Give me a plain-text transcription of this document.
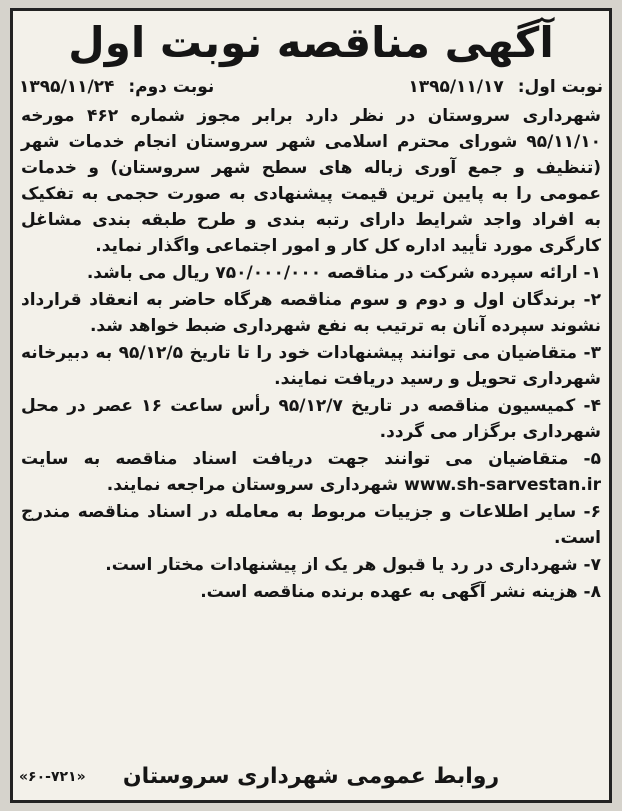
آگهی مناقصه نوبت اول
نوبت اول: ۱۳۹۵/۱۱/۱۷
نوبت دوم: ۱۳۹۵/۱۱/۲۴

شهرداری سروستان در نظر دارد برابر مجوز شماره ۴۶۲ مورخه ۹۵/۱۱/۱۰ شورای محترم اسلامی شهر سروستان انجام خدمات شهر (تنظیف و جمع آوری زباله های سطح شهر سروستان) و خدمات عمومی را به پایین ترین قیمت پیشنهادی به صورت حجمی به تفکیک به افراد واجد شرایط دارای رتبه بندی و طرح طبقه بندی مشاغل کارگری مورد تأیید اداره کل کار و امور اجتماعی واگذار نماید.

۱- ارائه سپرده شرکت در مناقصه ۷۵۰/۰۰۰/۰۰۰ ریال می باشد.

۲- برندگان اول و دوم و سوم مناقصه هرگاه حاضر به انعقاد قرارداد نشوند سپرده آنان به ترتیب به نفع شهرداری ضبط خواهد شد.

۳- متقاضیان می توانند پیشنهادات خود را تا تاریخ ۹۵/۱۲/۵ به دبیرخانه شهرداری تحویل و رسید دریافت نمایند.

۴- کمیسیون مناقصه در تاریخ ۹۵/۱۲/۷ رأس ساعت ۱۶ عصر در محل شهرداری برگزار می گردد.

۵- متقاضیان می توانند جهت دریافت اسناد مناقصه به سایت www.sh-sarvestan.ir شهرداری سروستان مراجعه نمایند.

۶- سایر اطلاعات و جزییات مربوط به معامله در اسناد مناقصه مندرج است.

۷- شهرداری در رد یا قبول هر یک از پیشنهادات مختار است.

۸- هزینه نشر آگهی به عهده برنده مناقصه است.

روابط عمومی شهرداری سروستان
«۶۰-۷۲۱»
